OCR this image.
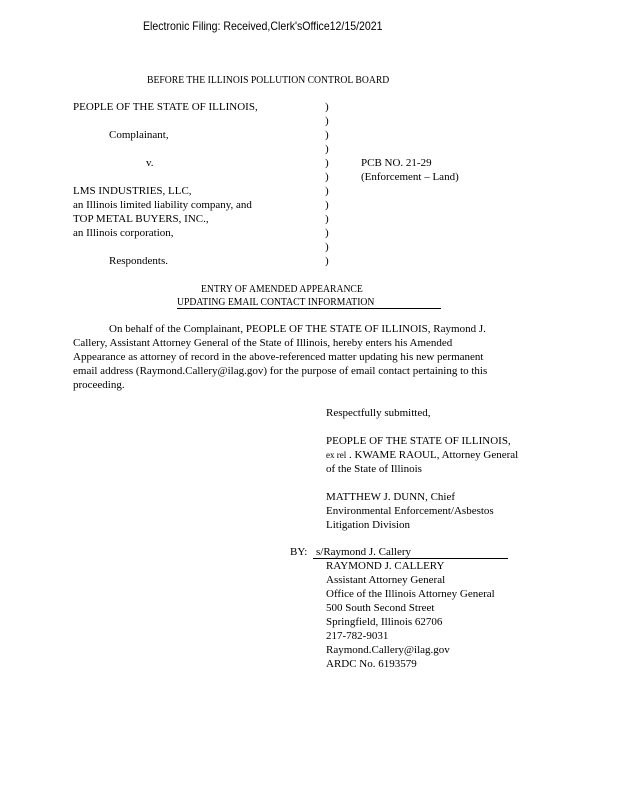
Electronic Filing: Received,Clerk'sOffice12/15/2021
BEFORE THE ILLINOIS POLLUTION CONTROL BOARD
PEOPLE OF THE STATE OF ILLINOIS,
Complainant,
v.
LMS INDUSTRIES, LLC,
an Illinois limited liability company, and
TOP METAL BUYERS, INC.,
an Illinois corporation,
Respondents.
)
)
)
)
)
)
)
)
)
)
)
)
PCB NO. 21-29
(Enforcement – Land)
ENTRY OF AMENDED APPEARANCE
UPDATING EMAIL CONTACT INFORMATION
On behalf of the Complainant, PEOPLE OF THE STATE OF ILLINOIS, Raymond J.
Callery, Assistant Attorney General of the State of Illinois, hereby enters his Amended
Appearance as attorney of record in the above-referenced matter updating his new permanent
email address (Raymond.Callery@ilag.gov) for the purpose of email contact pertaining to this
proceeding.
Respectfully submitted,
PEOPLE OF THE STATE OF ILLINOIS,
ex rel . KWAME RAOUL, Attorney General
of the State of Illinois
MATTHEW J. DUNN, Chief
Environmental Enforcement/Asbestos
Litigation Division
BY: s/Raymond J. Callery
RAYMOND J. CALLERY
Assistant Attorney General
Office of the Illinois Attorney General
500 South Second Street
Springfield, Illinois 62706
217-782-9031
Raymond.Callery@ilag.gov
ARDC No. 6193579
